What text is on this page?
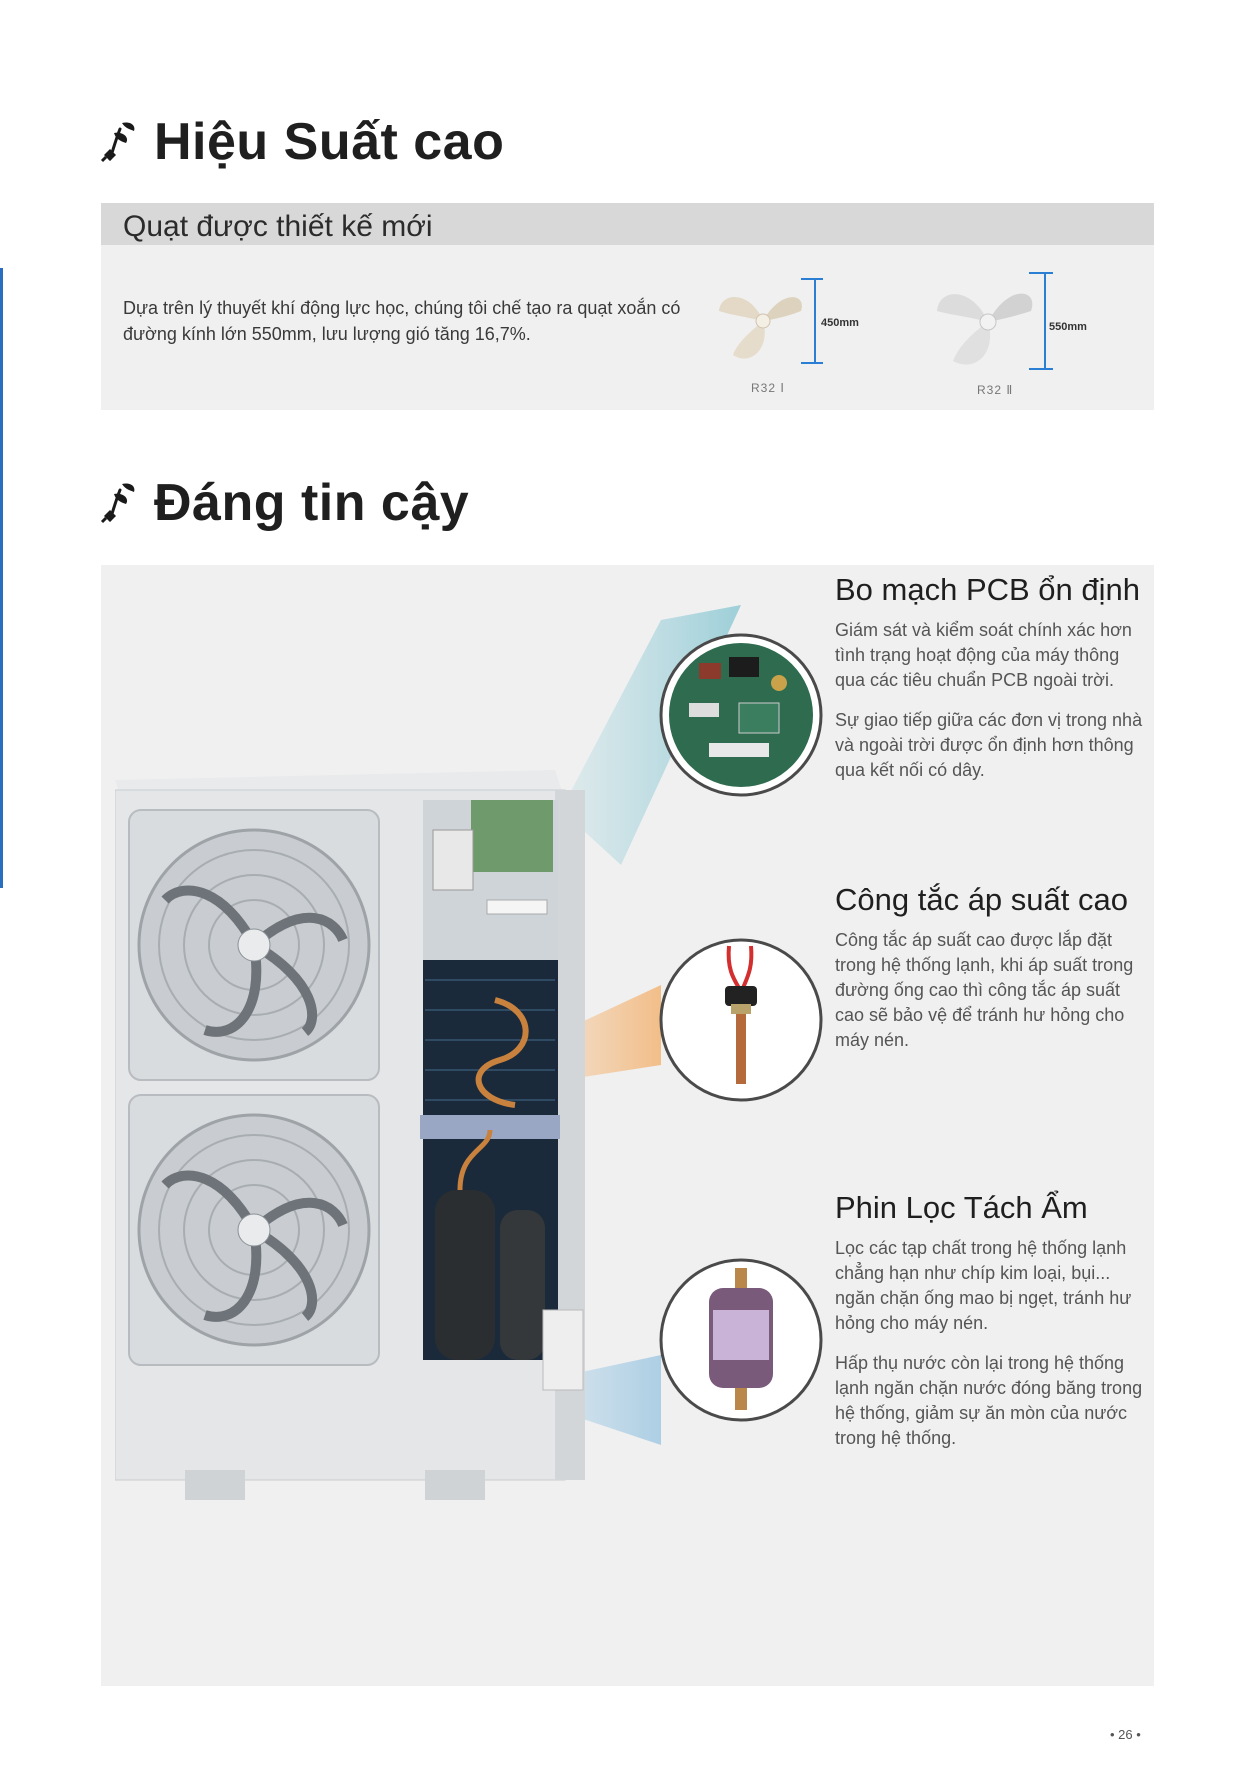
Hiệu Suất cao
Quạt được thiết kế mới
Dựa trên lý thuyết khí động lực học, chúng tôi chế tạo ra quạt xoắn có đường kính lớn 550mm, lưu lượng gió tăng 16,7%.
450mm
R32 Ⅰ
550mm
R32 Ⅱ
Đáng tin cậy
Bo mạch PCB ổn định

Giám sát và kiểm soát chính xác hơn tình trạng hoạt động của máy thông qua các tiêu chuẩn PCB ngoài trời.

Sự giao tiếp giữa các đơn vị trong nhà và ngoài trời được ổn định hơn thông qua kết nối có dây.

Công tắc áp suất cao

Công tắc áp suất cao được lắp đặt trong hệ thống lạnh, khi áp suất trong đường ống cao thì công tắc áp suất cao sẽ bảo vệ để tránh hư hỏng cho máy nén.

Phin Lọc Tách Ẩm

Lọc các tạp chất trong hệ thống lạnh chẳng hạn như chíp kim loại, bụi... ngăn chặn ống mao bị ngẹt, tránh hư hỏng cho máy nén.

Hấp thụ nước còn lại trong hệ thống lạnh ngăn chặn nước đóng băng trong hệ thống, giảm sự ăn mòn của nước trong hệ thống.

• 26 •
